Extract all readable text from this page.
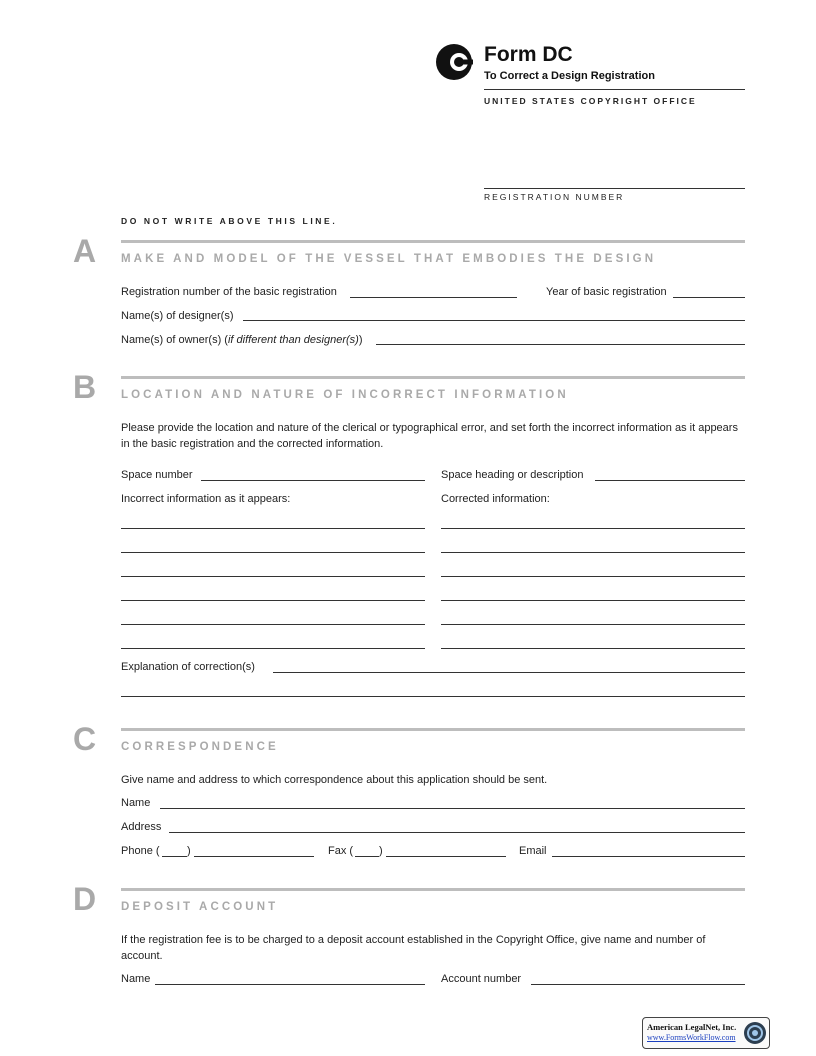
Form DC
To Correct a Design Registration
UNITED STATES COPYRIGHT OFFICE
REGISTRATION NUMBER
DO NOT WRITE ABOVE THIS LINE.
A MAKE AND MODEL OF THE VESSEL THAT EMBODIES THE DESIGN
Registration number of the basic registration	Year of basic registration
Name(s) of designer(s)
Name(s) of owner(s) (if different than designer(s))
B LOCATION AND NATURE OF INCORRECT INFORMATION
Please provide the location and nature of the clerical or typographical error, and set forth the incorrect information as it appears in the basic registration and the corrected information.
Space number	Space heading or description
Incorrect information as it appears:	Corrected information:
Explanation of correction(s)
C CORRESPONDENCE
Give name and address to which correspondence about this application should be sent.
Name
Address
Phone ( )	Fax ( )	Email
D DEPOSIT ACCOUNT
If the registration fee is to be charged to a deposit account established in the Copyright Office, give name and number of account.
Name	Account number
American LegalNet, Inc.
www.FormsWorkFlow.com
